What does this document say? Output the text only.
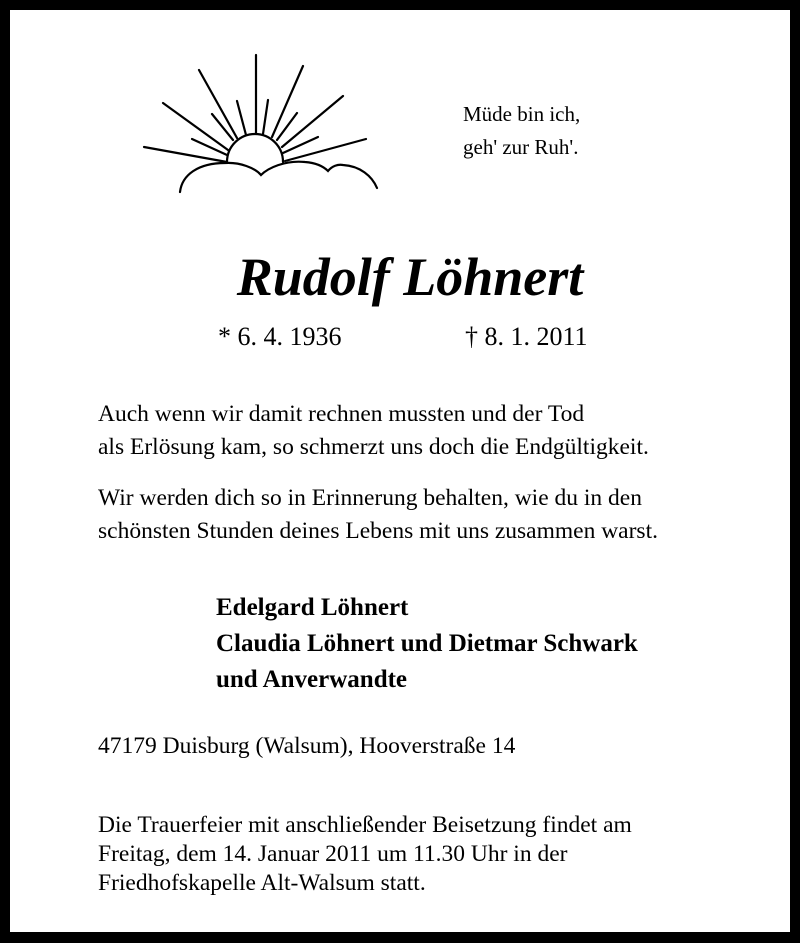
Müde bin ich,
geh' zur Ruh'.
Rudolf Löhnert
* 6. 4. 1936	† 8. 1. 2011
Auch wenn wir damit rechnen mussten und der Tod
als Erlösung kam, so schmerzt uns doch die Endgültigkeit.
Wir werden dich so in Erinnerung behalten, wie du in den
schönsten Stunden deines Lebens mit uns zusammen warst.
Edelgard Löhnert
Claudia Löhnert und Dietmar Schwark
und Anverwandte
47179 Duisburg (Walsum), Hooverstraße 14
Die Trauerfeier mit anschließender Beisetzung findet am
Freitag, dem 14. Januar 2011 um 11.30 Uhr in der
Friedhofskapelle Alt-Walsum statt.
